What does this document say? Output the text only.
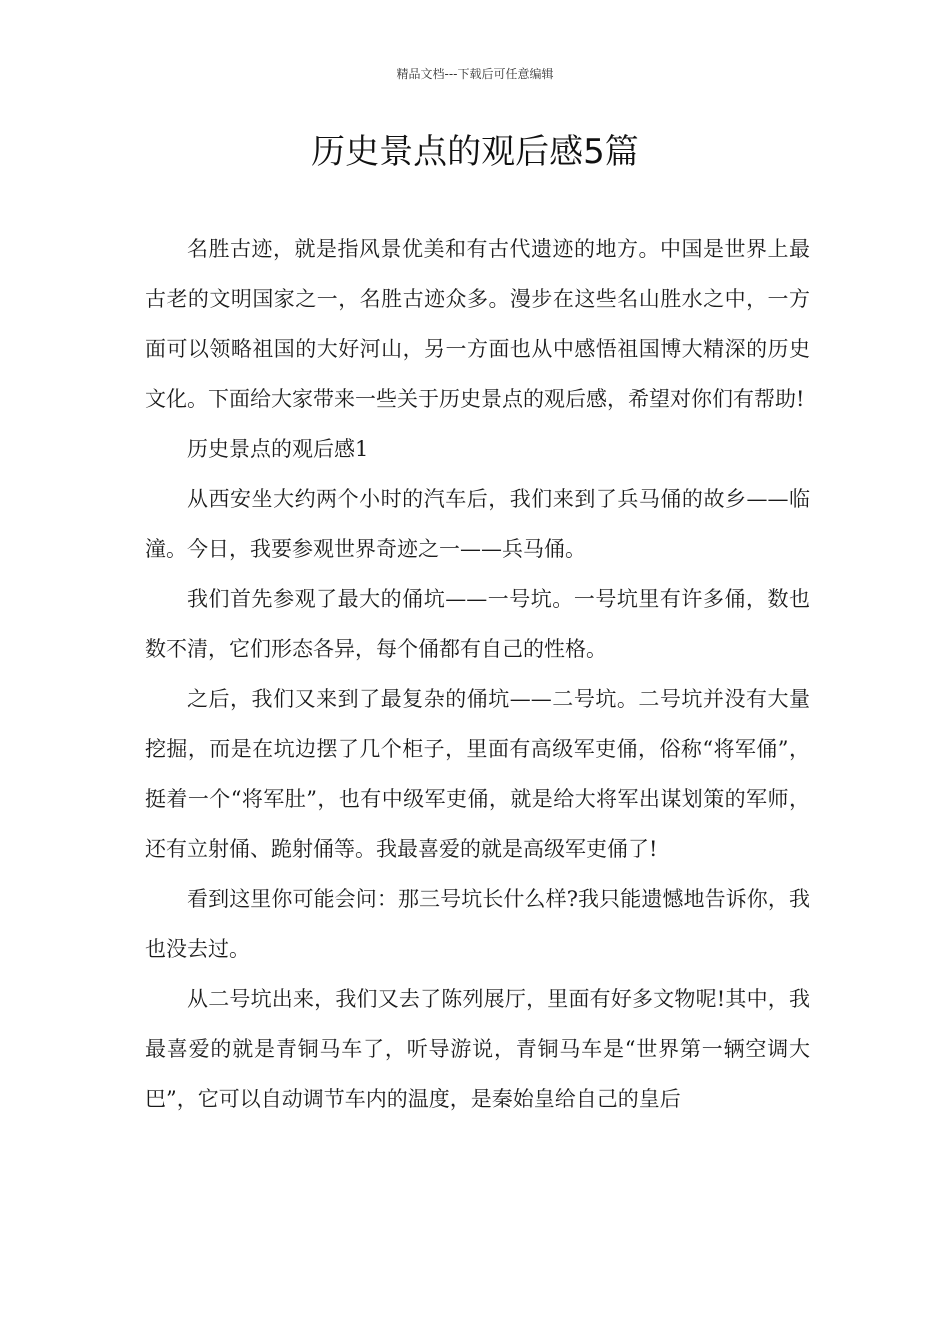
精品文档---下载后可任意编辑
历史景点的观后感5篇

名胜古迹，就是指风景优美和有古代遗迹的地方。中国是世界上最古老的文明国家之一，名胜古迹众多。漫步在这些名山胜水之中，一方面可以领略祖国的大好河山，另一方面也从中感悟祖国博大精深的历史文化。下面给大家带来一些关于历史景点的观后感，希望对你们有帮助!

历史景点的观后感1

从西安坐大约两个小时的汽车后，我们来到了兵马俑的故乡——临潼。今日，我要参观世界奇迹之一——兵马俑。

我们首先参观了最大的俑坑——一号坑。一号坑里有许多俑，数也数不清，它们形态各异，每个俑都有自己的性格。

之后，我们又来到了最复杂的俑坑——二号坑。二号坑并没有大量挖掘，而是在坑边摆了几个柜子，里面有高级军吏俑，俗称“将军俑”，挺着一个“将军肚”，也有中级军吏俑，就是给大将军出谋划策的军师，还有立射俑、跪射俑等。我最喜爱的就是高级军吏俑了!

看到这里你可能会问：那三号坑长什么样?我只能遗憾地告诉你，我也没去过。

从二号坑出来，我们又去了陈列展厅，里面有好多文物呢!其中，我最喜爱的就是青铜马车了，听导游说，青铜马车是“世界第一辆空调大巴”，它可以自动调节车内的温度，是秦始皇给自己的皇后
